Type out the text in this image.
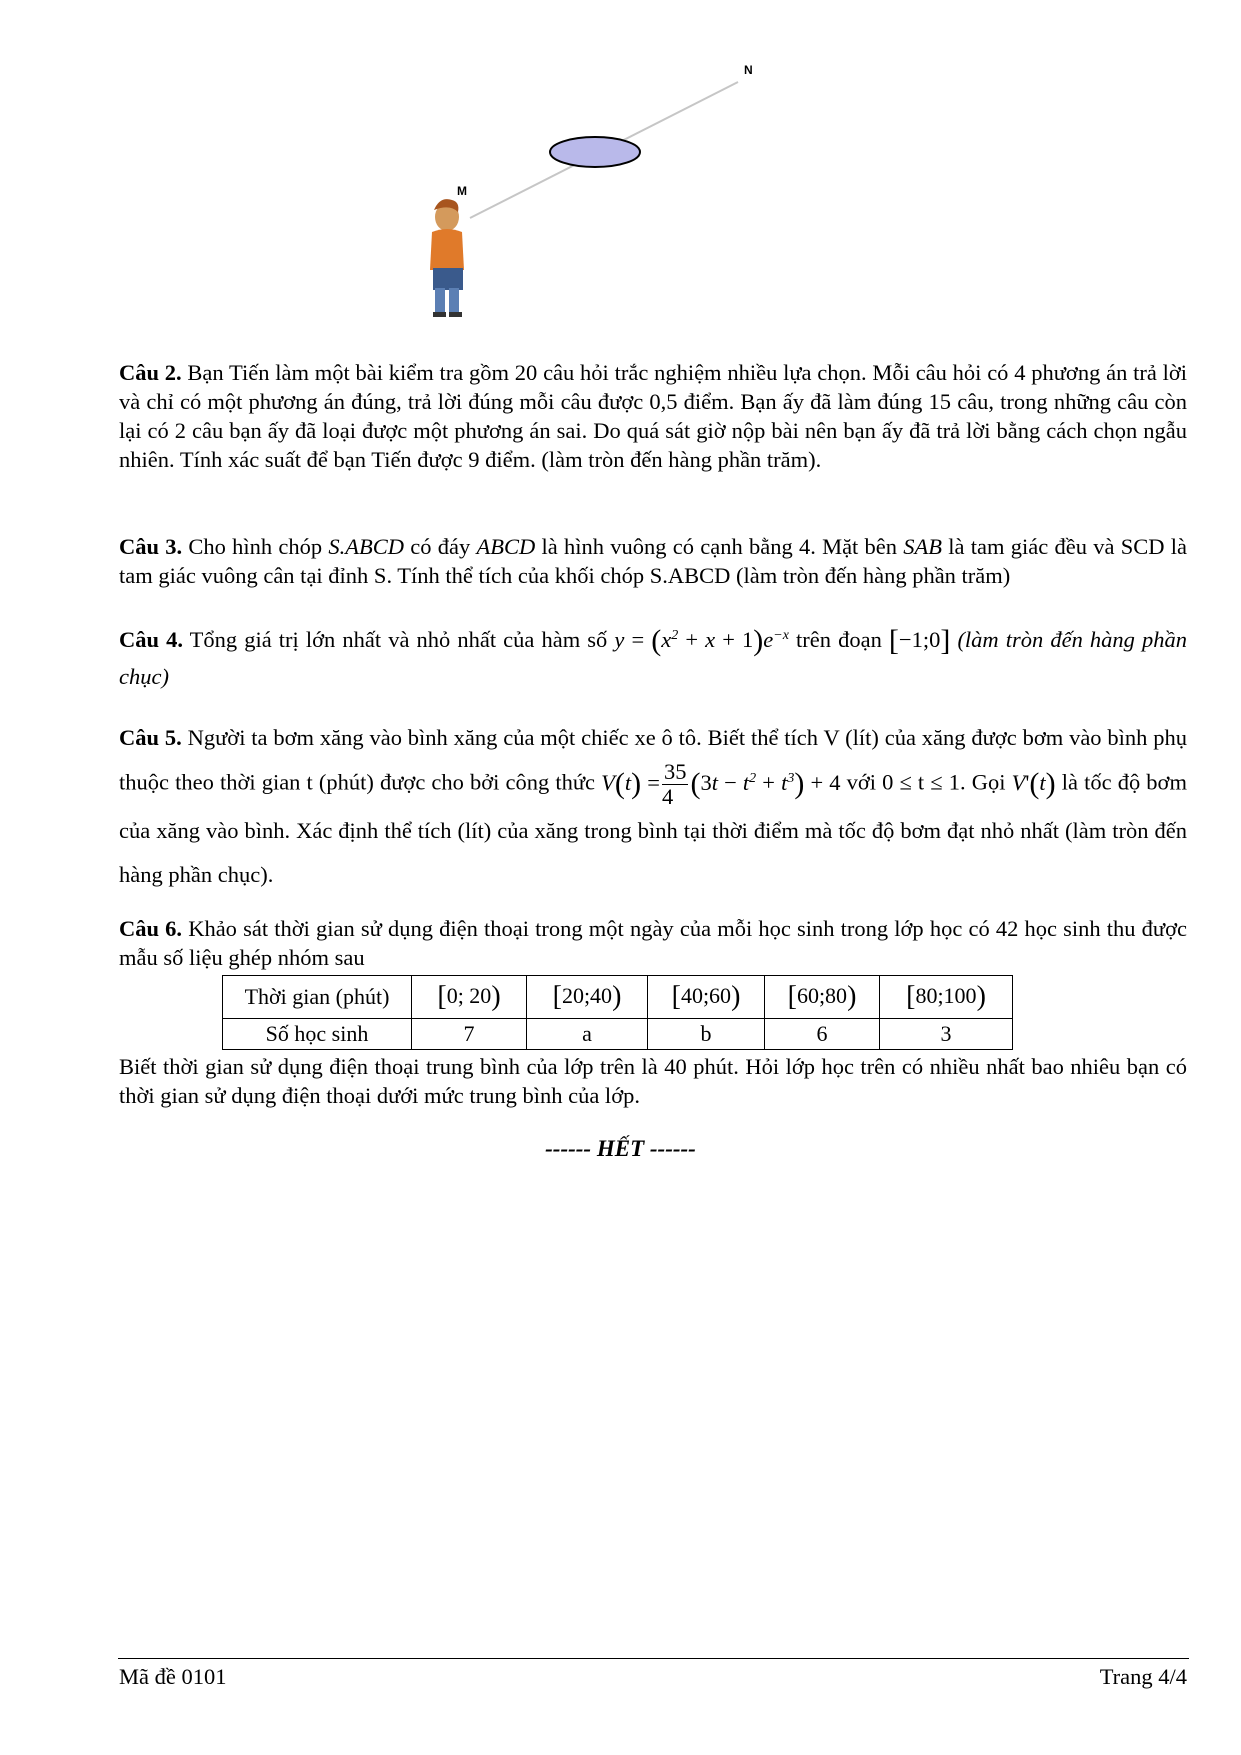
N
M
Câu 2. Bạn Tiến làm một bài kiểm tra gồm 20 câu hỏi trắc nghiệm nhiều lựa chọn. Mỗi câu hỏi có 4 phương án trả lời và chỉ có một phương án đúng, trả lời đúng mỗi câu được 0,5 điểm. Bạn ấy đã làm đúng 15 câu, trong những câu còn lại có 2 câu bạn ấy đã loại được một phương án sai. Do quá sát giờ nộp bài nên bạn ấy đã trả lời bằng cách chọn ngẫu nhiên. Tính xác suất để bạn Tiến được 9 điểm. (làm tròn đến hàng phần trăm).
Câu 3. Cho hình chóp S.ABCD có đáy ABCD là hình vuông có cạnh bằng 4. Mặt bên SAB là tam giác đều và SCD là tam giác vuông cân tại đỉnh S. Tính thể tích của khối chóp S.ABCD (làm tròn đến hàng phần trăm)
Câu 4. Tổng giá trị lớn nhất và nhỏ nhất của hàm số $y = (x^2 + x + 1)e^{-x}$ trên đoạn [−1;0] (làm tròn đến hàng phần chục)
Câu 5. Người ta bơm xăng vào bình xăng của một chiếc xe ô tô. Biết thể tích V (lít) của xăng được bơm vào bình phụ thuộc theo thời gian t (phút) được cho bởi công thức $V(t) = \frac{35}{4} (3t - t^2 + t^3) + 4$ với 0 ≤ t ≤ 1. Gọi V'(t) là tốc độ bơm của xăng vào bình. Xác định thể tích (lít) của xăng trong bình tại thời điểm mà tốc độ bơm đạt nhỏ nhất (làm tròn đến hàng phần chục).
Câu 6. Khảo sát thời gian sử dụng điện thoại trong một ngày của mỗi học sinh trong lớp học có 42 học sinh thu được mẫu số liệu ghép nhóm sau
Thời gian (phút)	[0; 20)	[20;40)	[40;60)	[60;80)	[80;100)
Số học sinh	7	a	b	6	3
Biết thời gian sử dụng điện thoại trung bình của lớp trên là 40 phút. Hỏi lớp học trên có nhiều nhất bao nhiêu bạn có thời gian sử dụng điện thoại dưới mức trung bình của lớp.
------ HẾT ------
Mã đề 0101	Trang 4/4
